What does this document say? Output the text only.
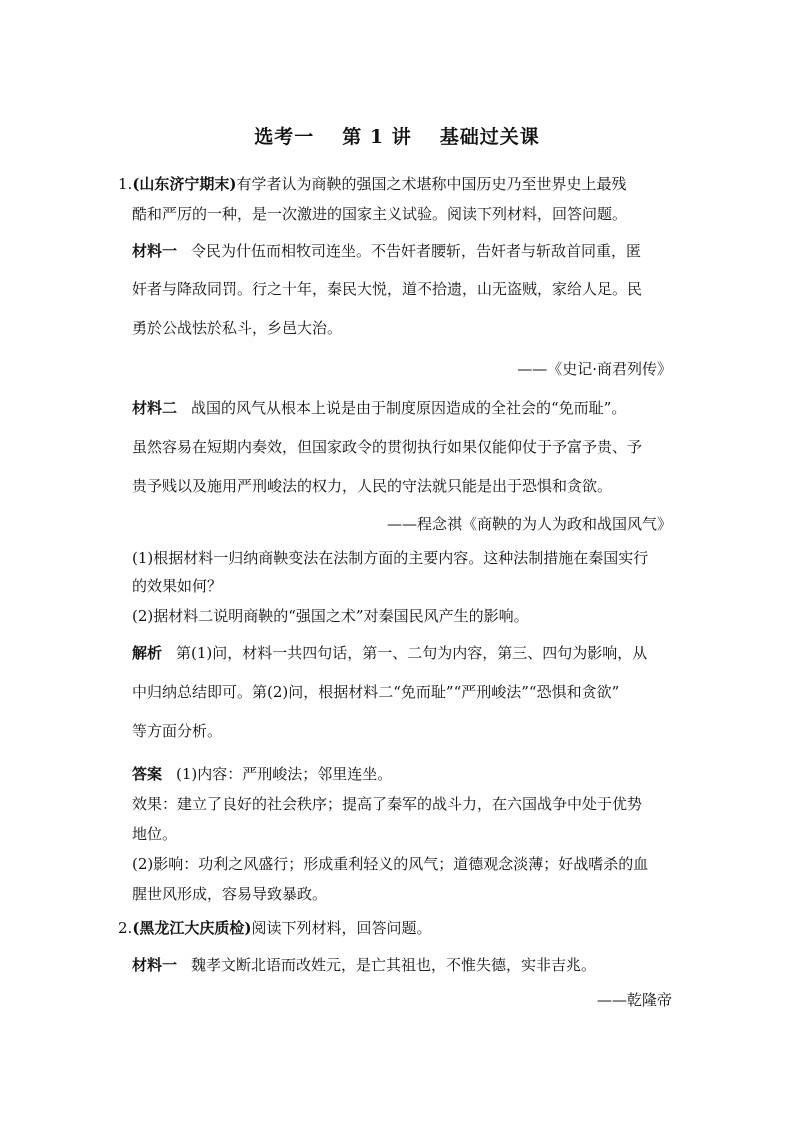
选考一 第 1 讲 基础过关课
1.(山东济宁期末)有学者认为商鞅的强国之术堪称中国历史乃至世界史上最残
酷和严厉的一种，是一次激进的国家主义试验。阅读下列材料，回答问题。
材料一 令民为什伍而相牧司连坐。不告奸者腰斩，告奸者与斩敌首同重，匿
奸者与降敌同罚。行之十年，秦民大悦，道不拾遗，山无盗贼，家给人足。民
勇於公战怯於私斗，乡邑大治。
——《史记·商君列传》
材料二 战国的风气从根本上说是由于制度原因造成的全社会的“免而耻”。
虽然容易在短期内奏效，但国家政令的贯彻执行如果仅能仰仗于予富予贵、予
贵予贱以及施用严刑峻法的权力，人民的守法就只能是出于恐惧和贪欲。
——程念祺《商鞅的为人为政和战国风气》
(1)根据材料一归纳商鞅变法在法制方面的主要内容。这种法制措施在秦国实行
的效果如何？
(2)据材料二说明商鞅的“强国之术”对秦国民风产生的影响。
解析 第(1)问，材料一共四句话，第一、二句为内容，第三、四句为影响，从
中归纳总结即可。第(2)问，根据材料二“免而耻”“严刑峻法”“恐惧和贪欲”
等方面分析。
答案 (1)内容：严刑峻法；邻里连坐。
效果：建立了良好的社会秩序；提高了秦军的战斗力，在六国战争中处于优势
地位。
(2)影响：功利之风盛行；形成重利轻义的风气；道德观念淡薄；好战嗜杀的血
腥世风形成，容易导致暴政。
2.(黑龙江大庆质检)阅读下列材料，回答问题。
材料一 魏孝文断北语而改姓元，是亡其祖也，不惟失德，实非吉兆。
——乾隆帝
